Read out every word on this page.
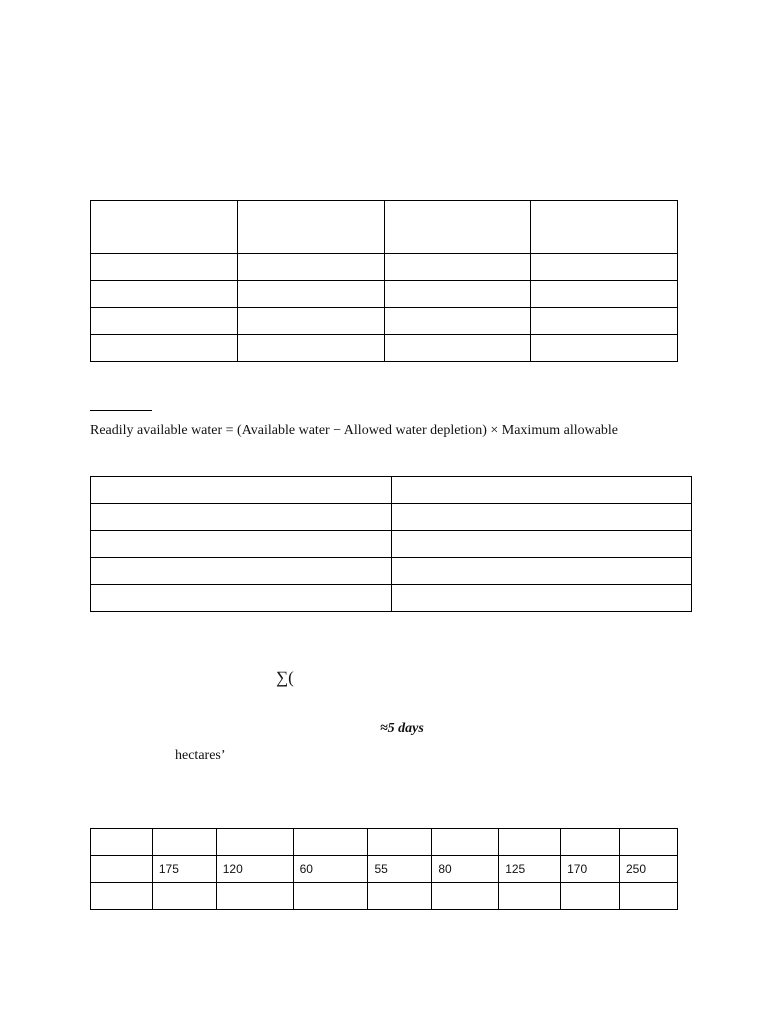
Readily available water = (Available water − Allowed water depletion) × Maximum allowable

∑(
≈5 days
hectares’

	175	120	60	55	80	125	170	250
